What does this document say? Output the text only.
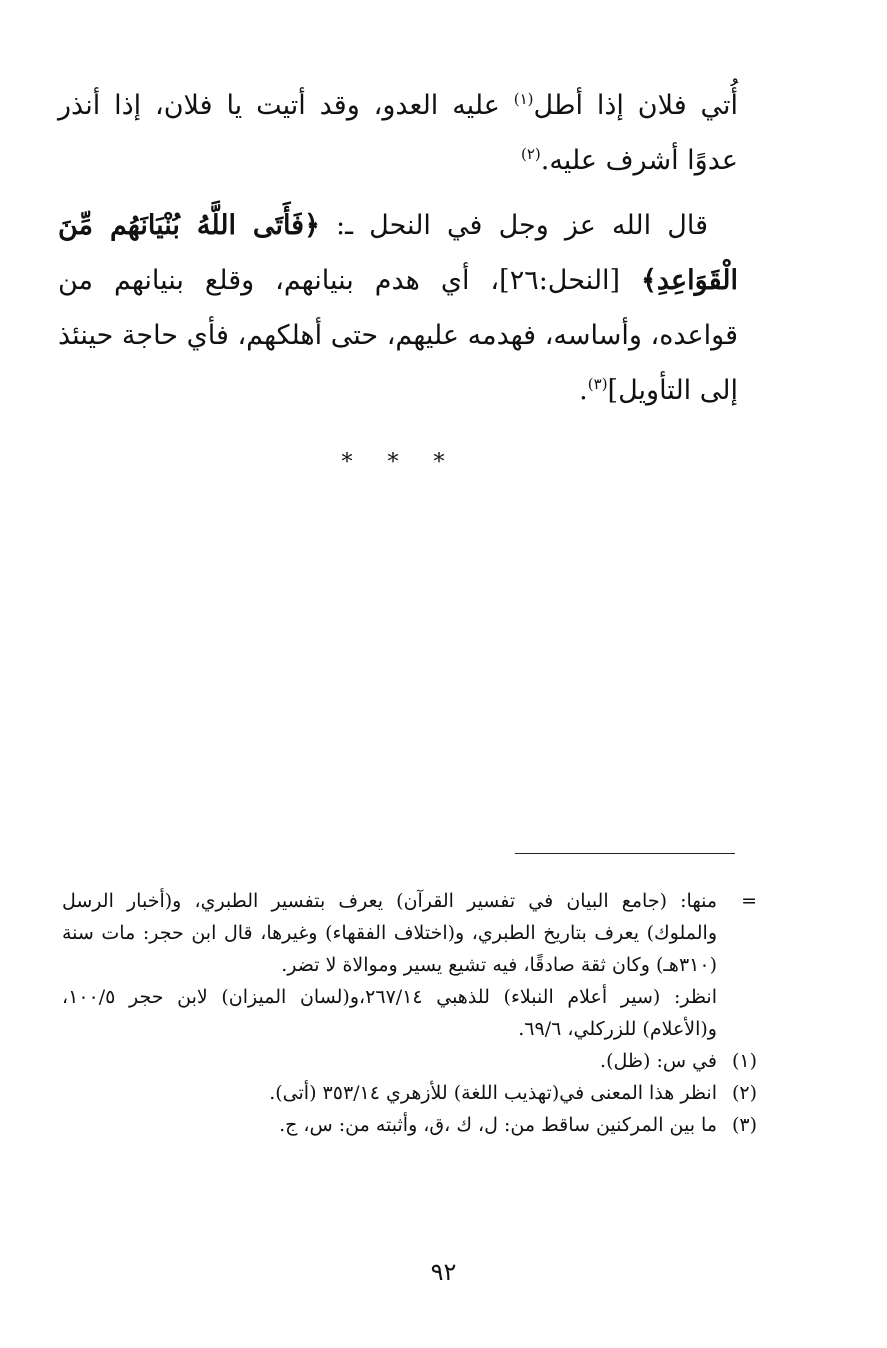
أُتي فلان إذا أطل$^{(١)}$ عليه العدو، وقد أتيت يا فلان، إذا أنذر عدوًا أشرف عليه.$^{(٢)}$

قال الله عز وجل في النحل ـ: ﴿فَأَتَى اللَّهُ بُنْيَانَهُم مِّنَ الْقَوَاعِدِ﴾ [النحل:٢٦]، أي هدم بنيانهم، وقلع بنيانهم من قواعده، وأساسه، فهدمه عليهم، حتى أهلكهم، فأي حاجة حينئذ إلى التأويل]$^{(٣)}$.

* * *
=
منها: (جامع البيان في تفسير القرآن) يعرف بتفسير الطبري، و(أخبار الرسل والملوك) يعرف بتاريخ الطبري، و(اختلاف الفقهاء) وغيرها، قال ابن حجر: مات سنة (٣١٠هـ) وكان ثقة صادقًا، فيه تشيع يسير وموالاة لا تضر.
انظر: (سير أعلام النبلاء) للذهبي ٢٦٧/١٤،و(لسان الميزان) لابن حجر ١٠٠/٥، و(الأعلام) للزركلي، ٦٩/٦.
(١)
في س: (ظل).
(٢)
انظر هذا المعنى في(تهذيب اللغة) للأزهري ٣٥٣/١٤ (أتى).
(٣)
ما بين المركنين ساقط من: ل، ك ،ق، وأثبته من: س، ج.
٩٢
